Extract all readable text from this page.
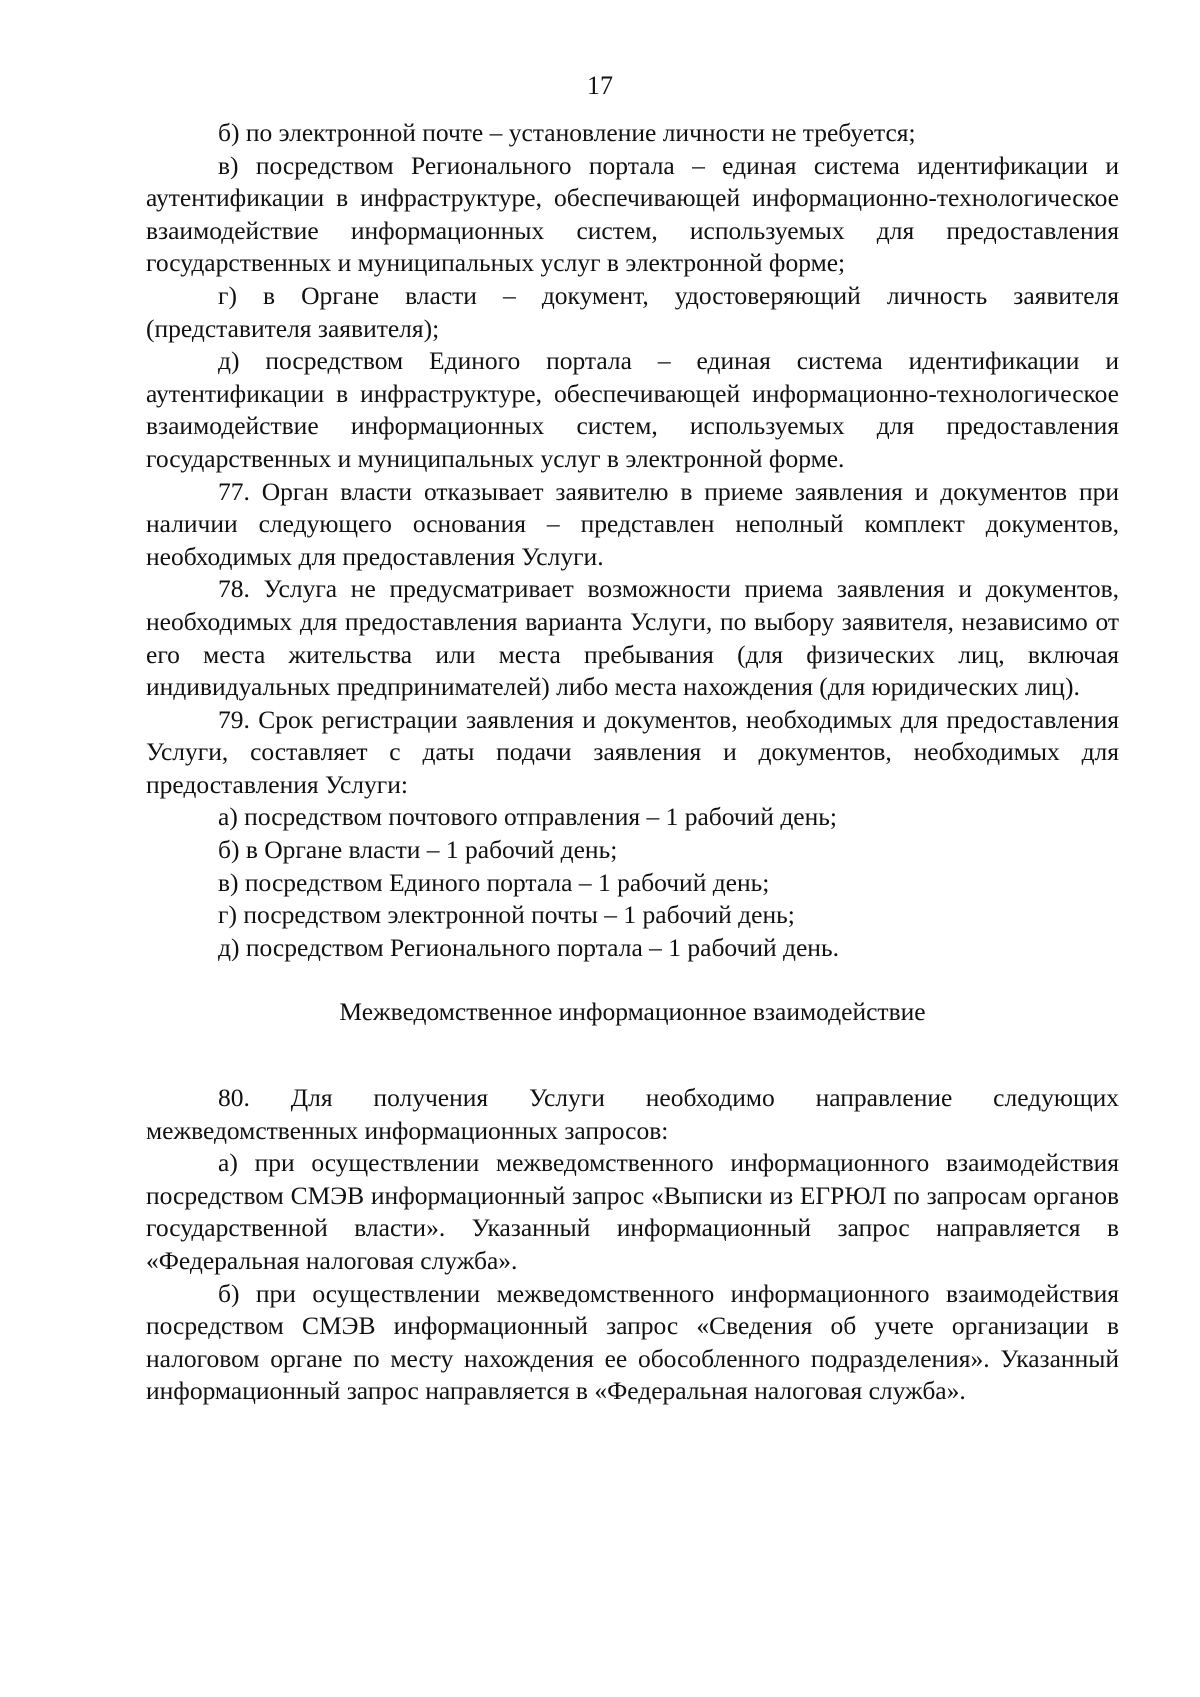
17

б) по электронной почте – установление личности не требуется;

в) посредством Регионального портала – единая система идентификации и аутентификации в инфраструктуре, обеспечивающей информационно-технологическое взаимодействие информационных систем, используемых для предоставления государственных и муниципальных услуг в электронной форме;

г) в Органе власти – документ, удостоверяющий личность заявителя (представителя заявителя);

д) посредством Единого портала – единая система идентификации и аутентификации в инфраструктуре, обеспечивающей информационно-технологическое взаимодействие информационных систем, используемых для предоставления государственных и муниципальных услуг в электронной форме.

77. Орган власти отказывает заявителю в приеме заявления и документов при наличии следующего основания – представлен неполный комплект документов, необходимых для предоставления Услуги.

78. Услуга не предусматривает возможности приема заявления и документов, необходимых для предоставления варианта Услуги, по выбору заявителя, независимо от его места жительства или места пребывания (для физических лиц, включая индивидуальных предпринимателей) либо места нахождения (для юридических лиц).

79. Срок регистрации заявления и документов, необходимых для предоставления Услуги, составляет с даты подачи заявления и документов, необходимых для предоставления Услуги:

а) посредством почтового отправления – 1 рабочий день;

б) в Органе власти – 1 рабочий день;

в) посредством Единого портала – 1 рабочий день;

г) посредством электронной почты – 1 рабочий день;

д) посредством Регионального портала – 1 рабочий день.

Межведомственное информационное взаимодействие

80. Для получения Услуги необходимо направление следующих межведомственных информационных запросов:

а) при осуществлении межведомственного информационного взаимодействия посредством СМЭВ информационный запрос «Выписки из ЕГРЮЛ по запросам органов государственной власти». Указанный информационный запрос направляется в «Федеральная налоговая служба».

б) при осуществлении межведомственного информационного взаимодействия посредством СМЭВ информационный запрос «Сведения об учете организации в налоговом органе по месту нахождения ее обособленного подразделения». Указанный информационный запрос направляется в «Федеральная налоговая служба».
